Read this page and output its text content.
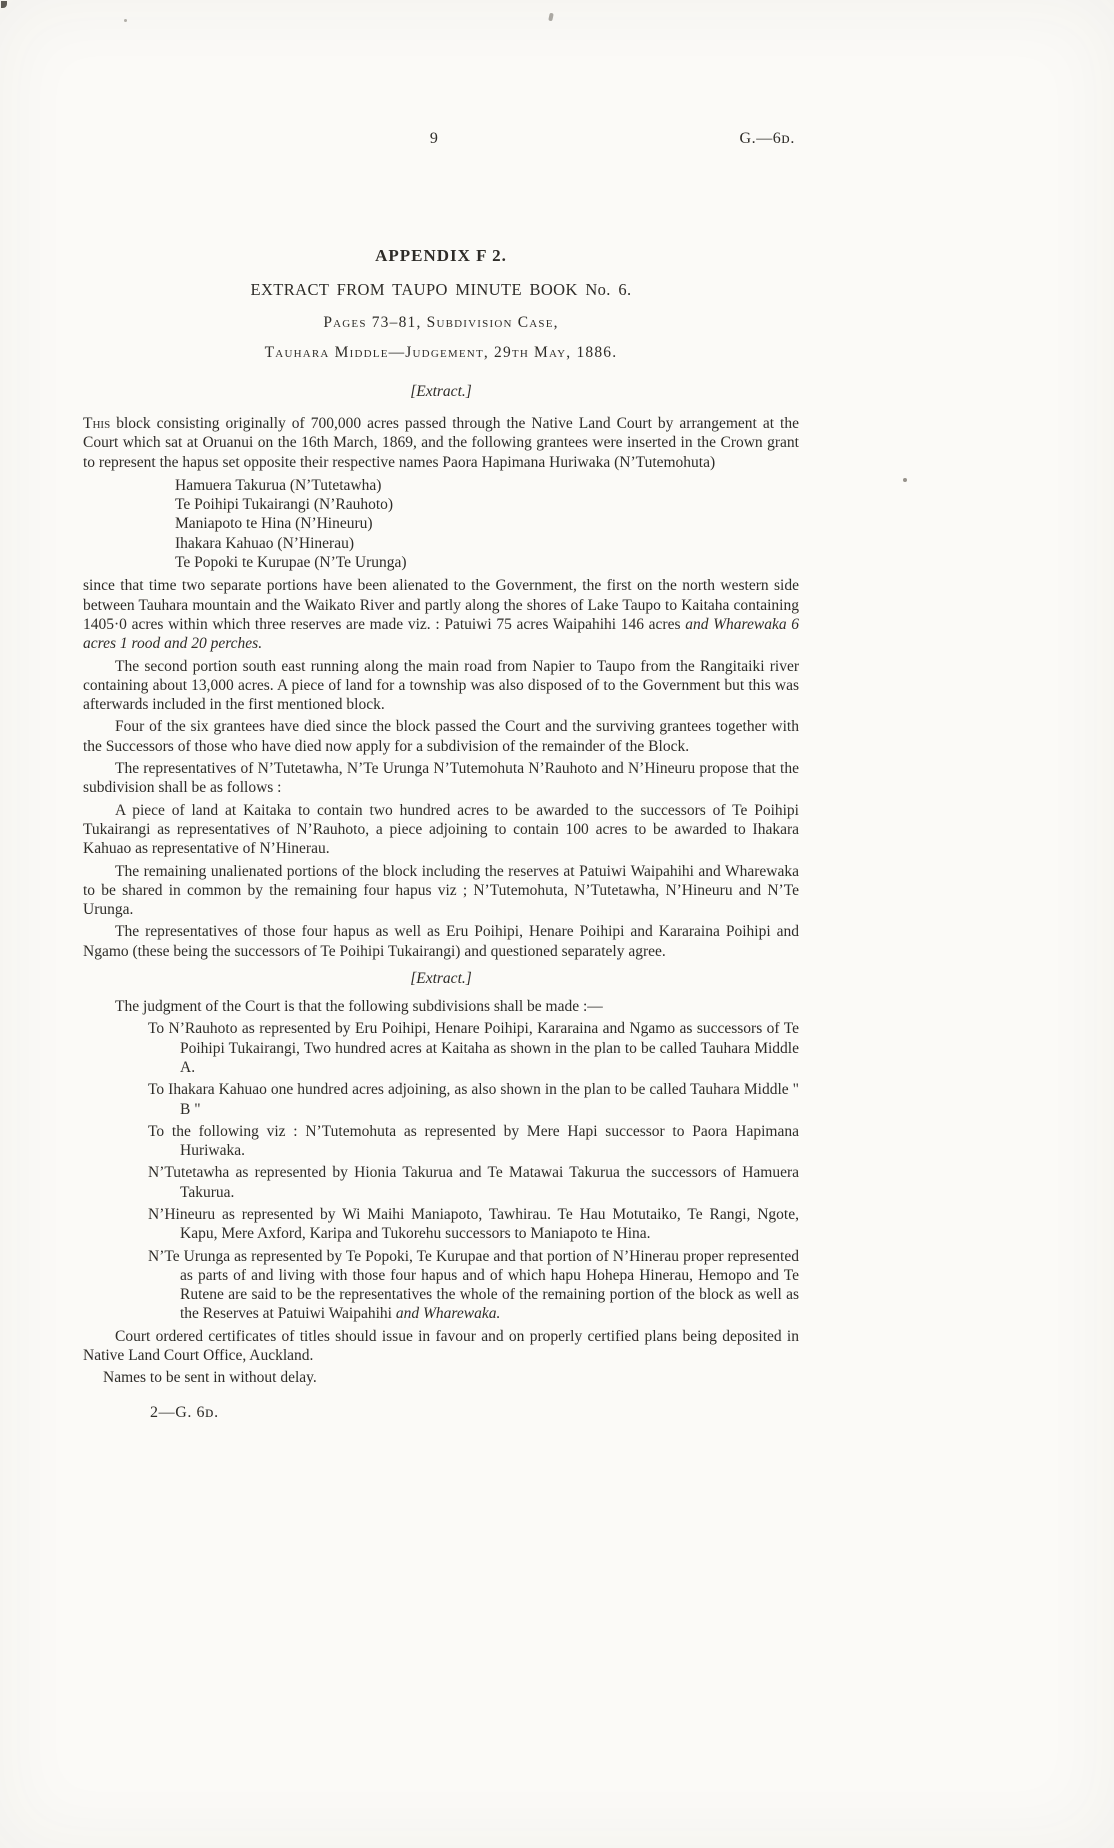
9	G.—6ᴅ.
APPENDIX F 2.
EXTRACT FROM TAUPO MINUTE BOOK No. 6.
Pages 73–81, Subdivision Case,
Tauhara Middle—Judgement, 29th May, 1886.
[Extract.]

This block consisting originally of 700,000 acres passed through the Native Land Court by arrangement at the Court which sat at Oruanui on the 16th March, 1869, and the following grantees were inserted in the Crown grant to represent the hapus set opposite their respective names Paora Hapimana Huriwaka (N’Tutemohuta)

Hamuera Takurua (N’Tutetawha)
Te Poihipi Tukairangi (N’Rauhoto)
Maniapoto te Hina (N’Hineuru)
Ihakara Kahuao (N’Hinerau)
Te Popoki te Kurupae (N’Te Urunga)

since that time two separate portions have been alienated to the Government, the first on the north western side between Tauhara mountain and the Waikato River and partly along the shores of Lake Taupo to Kaitaha containing 1405·0 acres within which three reserves are made viz. : Patuiwi 75 acres Waipahihi 146 acres and Wharewaka 6 acres 1 rood and 20 perches.

The second portion south east running along the main road from Napier to Taupo from the Rangitaiki river containing about 13,000 acres. A piece of land for a township was also disposed of to the Government but this was afterwards included in the first mentioned block.

Four of the six grantees have died since the block passed the Court and the surviving grantees together with the Successors of those who have died now apply for a subdivision of the remainder of the Block.

The representatives of N’Tutetawha, N’Te Urunga N’Tutemohuta N’Rauhoto and N’Hineuru propose that the subdivision shall be as follows :

A piece of land at Kaitaka to contain two hundred acres to be awarded to the successors of Te Poihipi Tukairangi as representatives of N’Rauhoto, a piece adjoining to contain 100 acres to be awarded to Ihakara Kahuao as representative of N’Hinerau.

The remaining unalienated portions of the block including the reserves at Patuiwi Waipahihi and Wharewaka to be shared in common by the remaining four hapus viz ; N’Tutemohuta, N’Tutetawha, N’Hineuru and N’Te Urunga.

The representatives of those four hapus as well as Eru Poihipi, Henare Poihipi and Kararaina Poihipi and Ngamo (these being the successors of Te Poihipi Tukairangi) and questioned separately agree.

[Extract.]

The judgment of the Court is that the following subdivisions shall be made :—

To N’Rauhoto as represented by Eru Poihipi, Henare Poihipi, Kararaina and Ngamo as successors of Te Poihipi Tukairangi, Two hundred acres at Kaitaha as shown in the plan to be called Tauhara Middle A.

To Ihakara Kahuao one hundred acres adjoining, as also shown in the plan to be called Tauhara Middle " B "

To the following viz : N’Tutemohuta as represented by Mere Hapi successor to Paora Hapimana Huriwaka.

N’Tutetawha as represented by Hionia Takurua and Te Matawai Takurua the successors of Hamuera Takurua.

N’Hineuru as represented by Wi Maihi Maniapoto, Tawhirau. Te Hau Motutaiko, Te Rangi, Ngote, Kapu, Mere Axford, Karipa and Tukorehu successors to Maniapoto te Hina.

N’Te Urunga as represented by Te Popoki, Te Kurupae and that portion of N’Hinerau proper represented as parts of and living with those four hapus and of which hapu Hohepa Hinerau, Hemopo and Te Rutene are said to be the representatives the whole of the remaining portion of the block as well as the Reserves at Patuiwi Waipahihi and Wharewaka.

Court ordered certificates of titles should issue in favour and on properly certified plans being deposited in Native Land Court Office, Auckland.

Names to be sent in without delay.

2—G. 6ᴅ.
